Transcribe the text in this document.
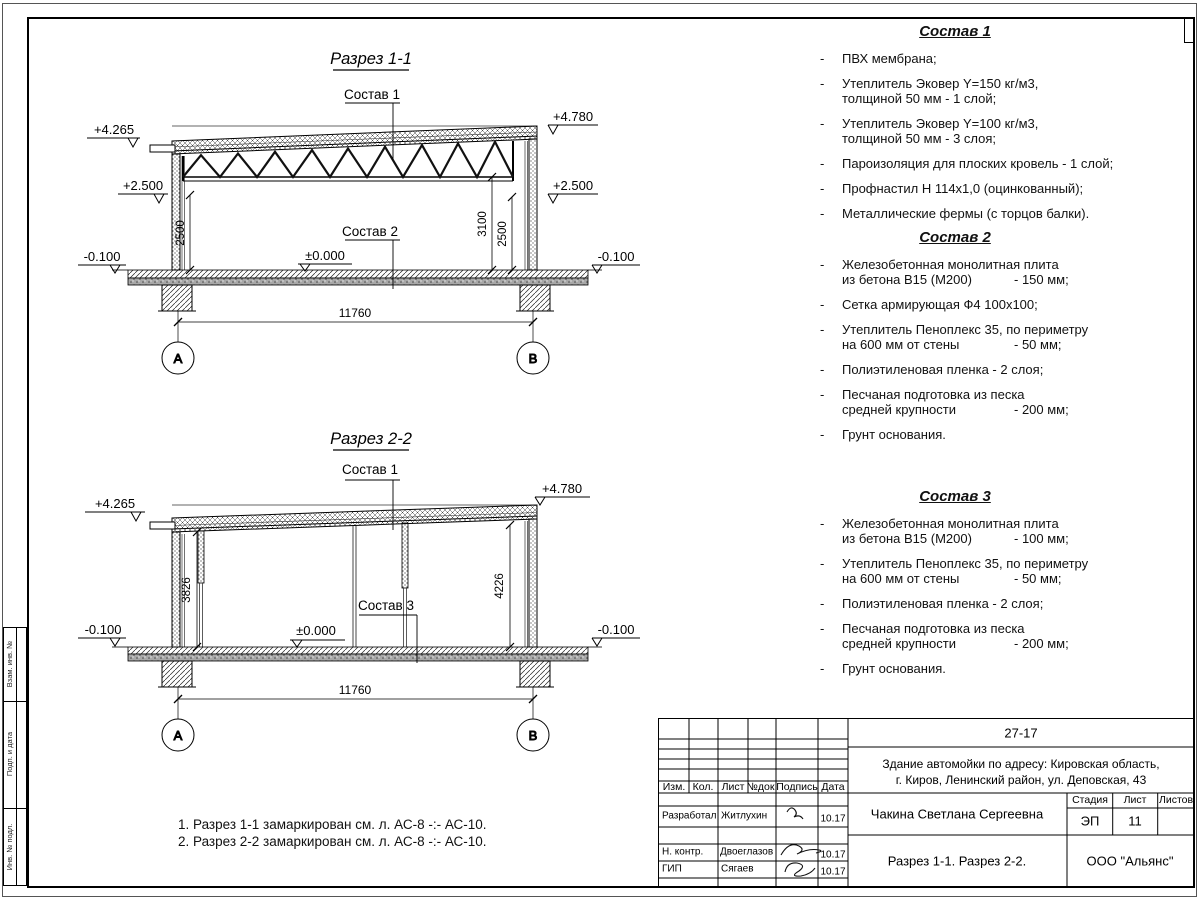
Взам. инв. №
Подп. и дата
Инв. № подл.
А	В
11760
2500	3100 2500
+4.265
+2.500
+4.780
+2.500
-0.100	-0.100
±0.000
Состав 1
Состав 2
Разрез 1-1
А	В
11760
3826	4226
+4.265
+4.780
-0.100	-0.100
±0.000
Состав 1
Состав 3
Разрез 2-2
Состав 1
-	ПВХ мембрана;
-	Утеплитель Эковер Y=150 кг/м3,
толщиной 50 мм - 1 слой;
-	Утеплитель Эковер Y=100 кг/м3,
толщиной 50 мм - 3 слоя;
-	Пароизоляция для плоских кровель - 1 слой;
-	Профнастил Н 114х1,0 (оцинкованный);
-	Металлические фермы (с торцов балки).
Состав 2
-	Железобетонная монолитная плита
из бетона В15 (М200)	- 150 мм;
-	Сетка армирующая Ф4 100х100;
-	Утеплитель Пеноплекс 35, по периметру
на 600 мм от стены	- 50 мм;
-	Полиэтиленовая пленка - 2 слоя;
-	Песчаная подготовка из песка
средней крупности	- 200 мм;
-	Грунт основания.
Состав 3
-	Железобетонная монолитная плита
из бетона В15 (М200)	- 100 мм;
-	Утеплитель Пеноплекс 35, по периметру
на 600 мм от стены	- 50 мм;
-	Полиэтиленовая пленка - 2 слоя;
-	Песчаная подготовка из песка
средней крупности	- 200 мм;
-	Грунт основания.
1. Разрез 1-1 замаркирован см. л. АС-8 -:- АС-10.
2. Разрез 2-2 замаркирован см. л. АС-8 -:- АС-10.
Изм. Кол. Лист №док.
Подпись Дата
Разработал Житлухин	10.17
Н. контр. Двоеглазов	10.17
ГИП	Сягаев	10.17
27-17
Здание автомойки по адресу: Кировская область,
г. Киров, Ленинский район, ул. Деповская, 43
Чакина Светлана Сергеевна
Стадия Лист Листов
ЭП 11
Разрез 1-1. Разрез 2-2.	ООО "Альянс"
